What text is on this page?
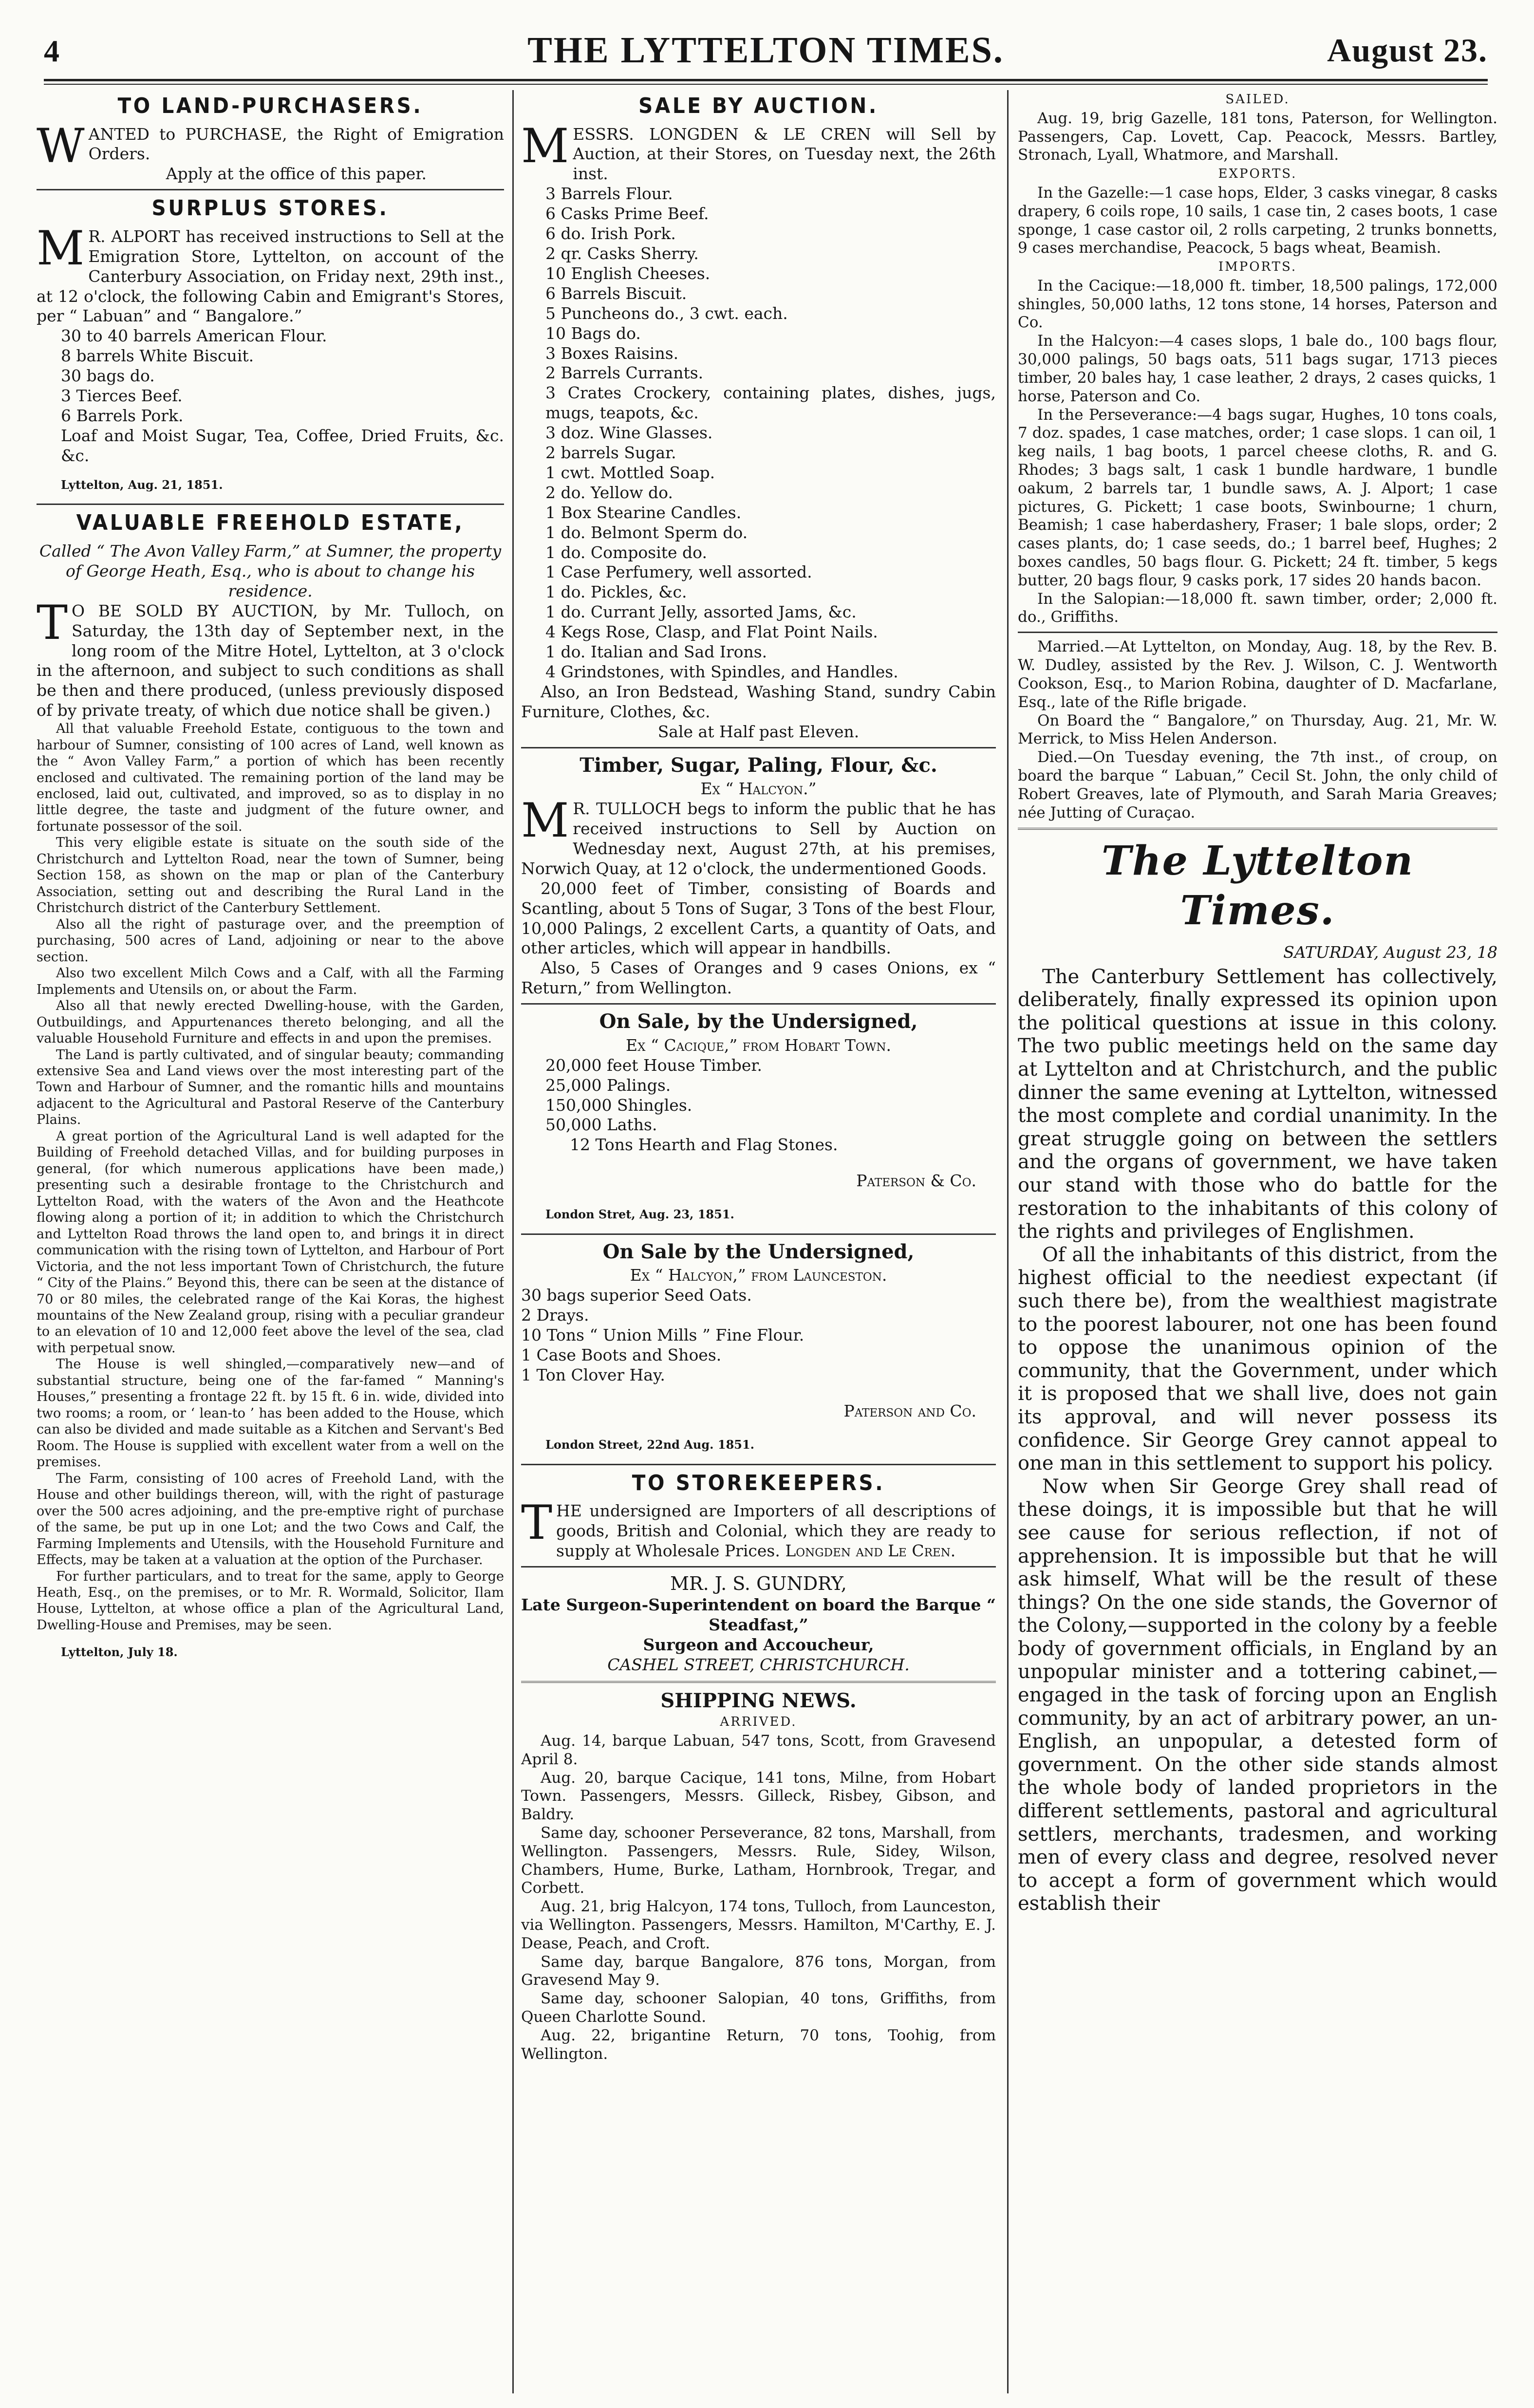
4	THE LYTTELTON TIMES.	August 23.
TO LAND-PURCHASERS.

WANTED to PURCHASE, the Right of Emigration Orders.

Apply at the office of this paper.

SURPLUS STORES.

M R. ALPORT has received instructions to Sell at the Emigration Store, Lyttelton, on account of the Canterbury Association, on Friday next, 29th inst., at 12 o'clock, the following Cabin and Emigrant's Stores, per “ Labuan” and “ Bangalore.”

30 to 40 barrels American Flour.

8 barrels White Biscuit.

30 bags do.

3 Tierces Beef.

6 Barrels Pork.

Loaf and Moist Sugar, Tea, Coffee, Dried Fruits, &c. &c.

Lyttelton, Aug. 21, 1851.

VALUABLE FREEHOLD ESTATE,

Called “ The Avon Valley Farm,” at Sumner, the property of George Heath, Esq., who is about to change his residence.

T O BE SOLD BY AUCTION, by Mr. Tulloch, on Saturday, the 13th day of September next, in the long room of the Mitre Hotel, Lyttelton, at 3 o'clock in the afternoon, and subject to such conditions as shall be then and there produced, (unless previously disposed of by private treaty, of which due notice shall be given.)

All that valuable Freehold Estate, contiguous to the town and harbour of Sumner, consisting of 100 acres of Land, well known as the “ Avon Valley Farm,” a portion of which has been recently enclosed and cultivated. The remaining portion of the land may be enclosed, laid out, cultivated, and improved, so as to display in no little degree, the taste and judgment of the future owner, and fortunate possessor of the soil.

This very eligible estate is situate on the south side of the Christchurch and Lyttelton Road, near the town of Sumner, being Section 158, as shown on the map or plan of the Canterbury Association, setting out and describing the Rural Land in the Christchurch district of the Canterbury Settlement.

Also all the right of pasturage over, and the preemption of purchasing, 500 acres of Land, adjoining or near to the above section.

Also two excellent Milch Cows and a Calf, with all the Farming Implements and Utensils on, or about the Farm.

Also all that newly erected Dwelling-house, with the Garden, Outbuildings, and Appurtenances thereto belonging, and all the valuable Household Furniture and effects in and upon the premises.

The Land is partly cultivated, and of singular beauty; commanding extensive Sea and Land views over the most interesting part of the Town and Harbour of Sumner, and the romantic hills and mountains adjacent to the Agricultural and Pastoral Reserve of the Canterbury Plains.

A great portion of the Agricultural Land is well adapted for the Building of Freehold detached Villas, and for building purposes in general, (for which numerous applications have been made,) presenting such a desirable frontage to the Christchurch and Lyttelton Road, with the waters of the Avon and the Heathcote flowing along a portion of it; in addition to which the Christchurch and Lyttelton Road throws the land open to, and brings it in direct communication with the rising town of Lyttelton, and Harbour of Port Victoria, and the not less important Town of Christchurch, the future “ City of the Plains.” Beyond this, there can be seen at the distance of 70 or 80 miles, the celebrated range of the Kai Koras, the highest mountains of the New Zealand group, rising with a peculiar grandeur to an elevation of 10 and 12,000 feet above the level of the sea, clad with perpetual snow.

The House is well shingled,—comparatively new—and of substantial structure, being one of the far-famed “ Manning's Houses,” presenting a frontage 22 ft. by 15 ft. 6 in. wide, divided into two rooms; a room, or ‘ lean-to ’ has been added to the House, which can also be divided and made suitable as a Kitchen and Servant's Bed Room. The House is supplied with excellent water from a well on the premises.

The Farm, consisting of 100 acres of Freehold Land, with the House and other buildings thereon, will, with the right of pasturage over the 500 acres adjoining, and the pre-emptive right of purchase of the same, be put up in one Lot; and the two Cows and Calf, the Farming Implements and Utensils, with the Household Furniture and Effects, may be taken at a valuation at the option of the Purchaser.

For further particulars, and to treat for the same, apply to George Heath, Esq., on the premises, or to Mr. R. Wormald, Solicitor, Ilam House, Lyttelton, at whose office a plan of the Agricultural Land, Dwelling-House and Premises, may be seen.

Lyttelton, July 18.

SALE BY AUCTION.

MESSRS. LONGDEN & LE CREN will Sell by Auction, at their Stores, on Tuesday next, the 26th inst.

3 Barrels Flour.

6 Casks Prime Beef.

6 do. Irish Pork.

2 qr. Casks Sherry.

10 English Cheeses.

6 Barrels Biscuit.

5 Puncheons do., 3 cwt. each.

10 Bags do.

3 Boxes Raisins.

2 Barrels Currants.

3 Crates Crockery, containing plates, dishes, jugs, mugs, teapots, &c.

3 doz. Wine Glasses.

2 barrels Sugar.

1 cwt. Mottled Soap.

2 do. Yellow do.

1 Box Stearine Candles.

1 do. Belmont Sperm do.

1 do. Composite do.

1 Case Perfumery, well assorted.

1 do. Pickles, &c.

1 do. Currant Jelly, assorted Jams, &c.

4 Kegs Rose, Clasp, and Flat Point Nails.

1 do. Italian and Sad Irons.

4 Grindstones, with Spindles, and Handles.

Also, an Iron Bedstead, Washing Stand, sundry Cabin Furniture, Clothes, &c.

Sale at Half past Eleven.

Timber, Sugar, Paling, Flour, &c.

Ex “ Halcyon.”

M R. TULLOCH begs to inform the public that he has received instructions to Sell by Auction on Wednesday next, August 27th, at his premises, Norwich Quay, at 12 o'clock, the undermentioned Goods.

20,000 feet of Timber, consisting of Boards and Scantling, about 5 Tons of Sugar, 3 Tons of the best Flour, 10,000 Palings, 2 excellent Carts, a quantity of Oats, and other articles, which will appear in handbills.

Also, 5 Cases of Oranges and 9 cases Onions, ex “ Return,” from Wellington.

On Sale, by the Undersigned,

Ex “ Cacique,” from Hobart Town.

20,000 feet House Timber.

25,000 Palings.

150,000 Shingles.

50,000 Laths.

12 Tons Hearth and Flag Stones.

Paterson & Co.

London Stret, Aug. 23, 1851.

On Sale by the Undersigned,

Ex “ Halcyon,” from Launceston.

30 bags superior Seed Oats.

2 Drays.

10 Tons “ Union Mills ” Fine Flour.

1 Case Boots and Shoes.

1 Ton Clover Hay.

Paterson and Co.

London Street, 22nd Aug. 1851.

TO STOREKEEPERS.

THE undersigned are Importers of all descriptions of goods, British and Colonial, which they are ready to supply at Wholesale Prices. Longden and Le Cren.

MR. J. S. GUNDRY,

Late Surgeon-Superintendent on board the Barque “ Steadfast,”

Surgeon and Accoucheur,

CASHEL STREET, CHRISTCHURCH.

SHIPPING NEWS.
ARRIVED.

Aug. 14, barque Labuan, 547 tons, Scott, from Gravesend April 8.

Aug. 20, barque Cacique, 141 tons, Milne, from Hobart Town. Passengers, Messrs. Gilleck, Risbey, Gibson, and Baldry.

Same day, schooner Perseverance, 82 tons, Marshall, from Wellington. Passengers, Messrs. Rule, Sidey, Wilson, Chambers, Hume, Burke, Latham, Hornbrook, Tregar, and Corbett.

Aug. 21, brig Halcyon, 174 tons, Tulloch, from Launceston, via Wellington. Passengers, Messrs. Hamilton, M'Carthy, E. J. Dease, Peach, and Croft.

Same day, barque Bangalore, 876 tons, Morgan, from Gravesend May 9.

Same day, schooner Salopian, 40 tons, Griffiths, from Queen Charlotte Sound.

Aug. 22, brigantine Return, 70 tons, Toohig, from Wellington.

SAILED.

Aug. 19, brig Gazelle, 181 tons, Paterson, for Wellington. Passengers, Cap. Lovett, Cap. Peacock, Messrs. Bartley, Stronach, Lyall, Whatmore, and Marshall.

EXPORTS.

In the Gazelle:—1 case hops, Elder, 3 casks vinegar, 8 casks drapery, 6 coils rope, 10 sails, 1 case tin, 2 cases boots, 1 case sponge, 1 case castor oil, 2 rolls carpeting, 2 trunks bonnetts, 9 cases merchandise, Peacock, 5 bags wheat, Beamish.

IMPORTS.

In the Cacique:—18,000 ft. timber, 18,500 palings, 172,000 shingles, 50,000 laths, 12 tons stone, 14 horses, Paterson and Co.

In the Halcyon:—4 cases slops, 1 bale do., 100 bags flour, 30,000 palings, 50 bags oats, 511 bags sugar, 1713 pieces timber, 20 bales hay, 1 case leather, 2 drays, 2 cases quicks, 1 horse, Paterson and Co.

In the Perseverance:—4 bags sugar, Hughes, 10 tons coals, 7 doz. spades, 1 case matches, order; 1 case slops. 1 can oil, 1 keg nails, 1 bag boots, 1 parcel cheese cloths, R. and G. Rhodes; 3 bags salt, 1 cask 1 bundle hardware, 1 bundle oakum, 2 barrels tar, 1 bundle saws, A. J. Alport; 1 case pictures, G. Pickett; 1 case boots, Swinbourne; 1 churn, Beamish; 1 case haberdashery, Fraser; 1 bale slops, order; 2 cases plants, do; 1 case seeds, do.; 1 barrel beef, Hughes; 2 boxes candles, 50 bags flour. G. Pickett; 24 ft. timber, 5 kegs butter, 20 bags flour, 9 casks pork, 17 sides 20 hands bacon.

In the Salopian:—18,000 ft. sawn timber, order; 2,000 ft. do., Griffiths.

Married.—At Lyttelton, on Monday, Aug. 18, by the Rev. B. W. Dudley, assisted by the Rev. J. Wilson, C. J. Wentworth Cookson, Esq., to Marion Robina, daughter of D. Macfarlane, Esq., late of the Rifle brigade.

On Board the “ Bangalore,” on Thursday, Aug. 21, Mr. W. Merrick, to Miss Helen Anderson.

Died.—On Tuesday evening, the 7th inst., of croup, on board the barque “ Labuan,” Cecil St. John, the only child of Robert Greaves, late of Plymouth, and Sarah Maria Greaves; née Jutting of Curaçao.

The Lyttelton Times.
SATURDAY, August 23, 18

The Canterbury Settlement has collectively, deliberately, finally expressed its opinion upon the political questions at issue in this colony. The two public meetings held on the same day at Lyttelton and at Christchurch, and the public dinner the same evening at Lyttelton, witnessed the most complete and cordial unanimity. In the great struggle going on between the settlers and the organs of government, we have taken our stand with those who do battle for the restoration to the inhabitants of this colony of the rights and privileges of Englishmen.

Of all the inhabitants of this district, from the highest official to the neediest expectant (if such there be), from the wealthiest magistrate to the poorest labourer, not one has been found to oppose the unanimous opinion of the community, that the Government, under which it is proposed that we shall live, does not gain its approval, and will never possess its confidence. Sir George Grey cannot appeal to one man in this settlement to support his policy.

Now when Sir George Grey shall read of these doings, it is impossible but that he will see cause for serious reflection, if not of apprehension. It is impossible but that he will ask himself, What will be the result of these things? On the one side stands, the Governor of the Colony,—supported in the colony by a feeble body of government officials, in England by an unpopular minister and a tottering cabinet,—engaged in the task of forcing upon an English community, by an act of arbitrary power, an un-English, an unpopular, a detested form of government. On the other side stands almost the whole body of landed proprietors in the different settlements, pastoral and agricultural settlers, merchants, tradesmen, and working men of every class and degree, resolved never to accept a form of government which would establish their
